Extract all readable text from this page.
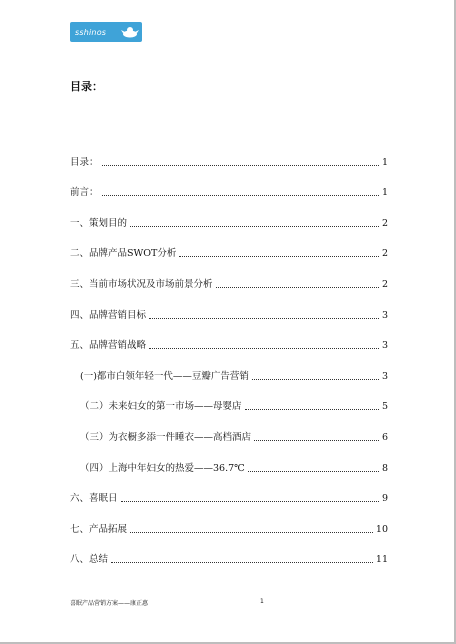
sshinos
目录：
目录：	1
前言：	1
一、策划目的	2
二、品牌产品SWOT分析	2
三、当前市场状况及市场前景分析	2
四、品牌营销目标	3
五、品牌营销战略	3
(一)都市白领年轻一代——豆瓣广告营销	3
（二）未来妇女的第一市场——母婴店	5
（三）为衣橱多添一件睡衣——高档酒店	6
（四）上海中年妇女的热爱——36.7℃	8
六、喜眠日	9
七、产品拓展	10
八、总结	11
喜眠产品营销方案——康正惠	1
